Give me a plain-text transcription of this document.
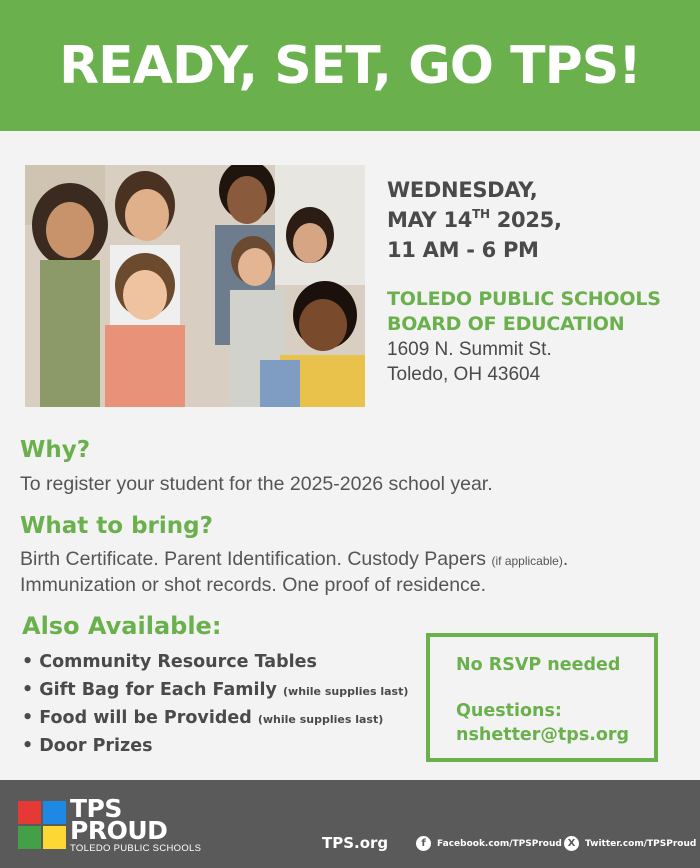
READY, SET, GO TPS!
WEDNESDAY,
MAY 14TH 2025,
11 AM - 6 PM
TOLEDO PUBLIC SCHOOLS
BOARD OF EDUCATION
1609 N. Summit St.
Toledo, OH 43604
Why?

To register your student for the 2025-2026 school year.

What to bring?

Birth Certificate. Parent Identification. Custody Papers (if applicable).
Immunization or shot records. One proof of residence.

Also Available:
• Community Resource Tables
• Gift Bag for Each Family (while supplies last)
• Food will be Provided (while supplies last)
• Door Prizes
No RSVP needed
Questions:
nshetter@tps.org
TPS
PROUD
TOLEDO PUBLIC SCHOOLS	TPS.org	f	Facebook.com/TPSProud X	Twitter.com/TPSProud
